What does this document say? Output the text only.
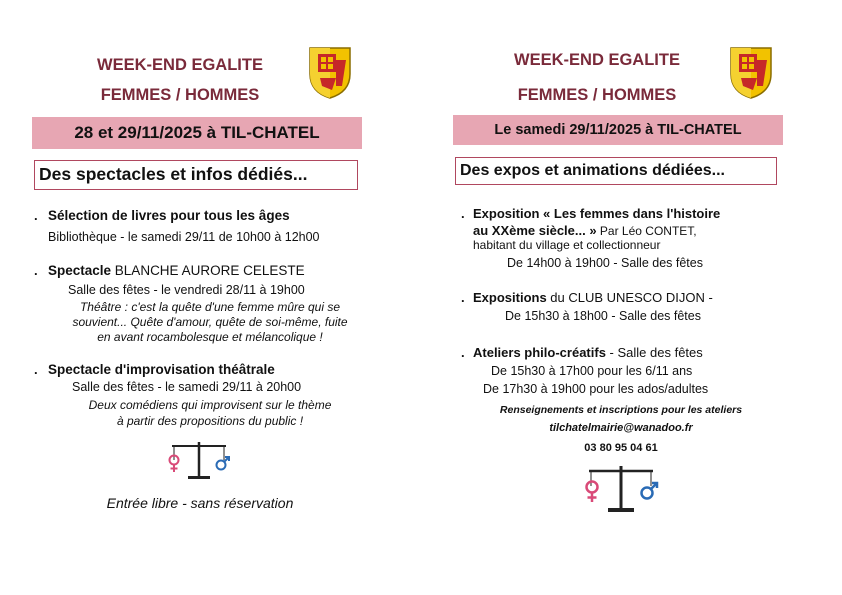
WEEK-END EGALITE
FEMMES / HOMMES
28 et 29/11/2025 à TIL-CHATEL
Des spectacles et infos dédiés...
. Sélection de livres pour tous les âges
Bibliothèque - le samedi 29/11 de 10h00 à 12h00
. Spectacle BLANCHE AURORE CELESTE
Salle des fêtes - le vendredi 28/11 à 19h00
Théâtre : c'est la quête d'une femme mûre qui se
souvient... Quête d'amour, quête de soi-même, fuite
en avant rocambolesque et mélancolique !
. Spectacle d'improvisation théâtrale
Salle des fêtes - le samedi 29/11 à 20h00
Deux comédiens qui improvisent sur le thème
à partir des propositions du public !
Entrée libre - sans réservation
WEEK-END EGALITE
FEMMES / HOMMES
Le samedi 29/11/2025 à TIL-CHATEL
Des expos et animations dédiées...
. Exposition « Les femmes dans l'histoire
au XXème siècle... » Par Léo CONTET,
habitant du village et collectionneur
De 14h00 à 19h00 - Salle des fêtes
. Expositions du CLUB UNESCO DIJON -
De 15h30 à 18h00 - Salle des fêtes
. Ateliers philo-créatifs - Salle des fêtes
De 15h30 à 17h00 pour les 6/11 ans
De 17h30 à 19h00 pour les ados/adultes
Renseignements et inscriptions pour les ateliers
tilchatelmairie@wanadoo.fr
03 80 95 04 61
